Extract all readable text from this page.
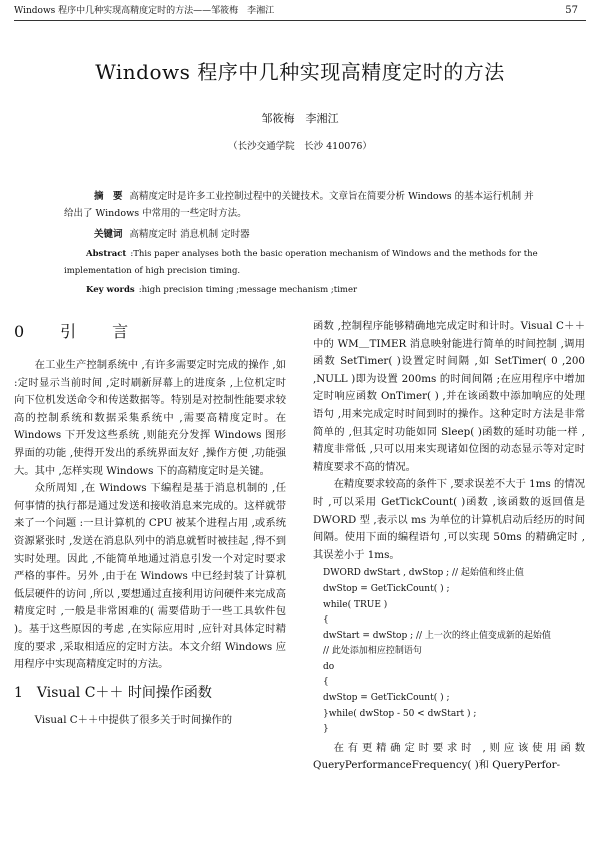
Windows 程序中几种实现高精度定时的方法——邹筱梅　李湘江	57
Windows 程序中几种实现高精度定时的方法
邹筱梅　李湘江
（长沙交通学院　长沙 410076）
摘　要 高精度定时是许多工业控制过程中的关键技术。文章旨在简要分析 Windows 的基本运行机制 并给出了 Windows 中常用的一些定时方法。
关键词 高精度定时 消息机制 定时器
Abstract :This paper analyses both the basic operation mechanism of Windows and the methods for the implementation of high precision timing.
Key words :high precision timing ;message mechanism ;timer
0　引　言

在工业生产控制系统中 ,有许多需要定时完成的操作 ,如 :定时显示当前时间 ,定时刷新屏幕上的进度条 ,上位机定时向下位机发送命令和传送数据等。特别是对控制性能要求较高的控制系统和数据采集系统中 ,需要高精度定时。在 Windows 下开发这些系统 ,则能充分发挥 Windows 图形界面的功能 ,使得开发出的系统界面友好 ,操作方便 ,功能强大。其中 ,怎样实现 Windows 下的高精度定时是关键。

众所周知 ,在 Windows 下编程是基于消息机制的 ,任何事情的执行都是通过发送和接收消息来完成的。这样就带来了一个问题 :一旦计算机的 CPU 被某个进程占用 ,或系统资源紧张时 ,发送在消息队列中的消息就暂时被挂起 ,得不到实时处理。因此 ,不能简单地通过消息引发一个对定时要求严格的事件。另外 ,由于在 Windows 中已经封装了计算机低层硬件的访问 ,所以 ,要想通过直接利用访问硬件来完成高精度定时 ,一般是非常困难的( 需要借助于一些工具软件包 )。基于这些原因的考虑 ,在实际应用时 ,应针对具体定时精度的要求 ,采取相适应的定时方法。本文介绍 Windows 应用程序中实现高精度定时的方法。

1　Visual C＋＋ 时间操作函数

Visual C＋＋中提供了很多关于时间操作的

函数 ,控制程序能够精确地完成定时和计时。Visual C＋＋中的 WM＿TIMER 消息映射能进行简单的时间控制 ,调用函数 SetTimer( )设置定时间隔 ,如 SetTimer( 0 ,200 ,NULL )即为设置 200ms 的时间间隔 ;在应用程序中增加定时响应函数 OnTimer( ) ,并在该函数中添加响应的处理语句 ,用来完成定时时间到时的操作。这种定时方法是非常简单的 ,但其定时功能如同 Sleep( )函数的延时功能一样 ,精度非常低 ,只可以用来实现诸如位图的动态显示等对定时精度要求不高的情况。

在精度要求较高的条件下 ,要求误差不大于 1ms 的情况时 ,可以采用 GetTickCount( )函数 ,该函数的返回值是 DWORD 型 ,表示以 ms 为单位的计算机启动后经历的时间间隔。使用下面的编程语句 ,可以实现 50ms 的精确定时 ,其误差小于 1ms。

DWORD dwStart , dwStop ; // 起始值和终止值
dwStop = GetTickCount( ) ;
while( TRUE )
{
dwStart = dwStop ; // 上一次的终止值变成新的起始值
// 此处添加相应控制语句
do
{
dwStop = GetTickCount( ) ;
}while( dwStop - 50 < dwStart ) ;
}

在有更精确定时要求时 ,则应该使用函数 QueryPerformanceFrequency( )和 QueryPerfor-
